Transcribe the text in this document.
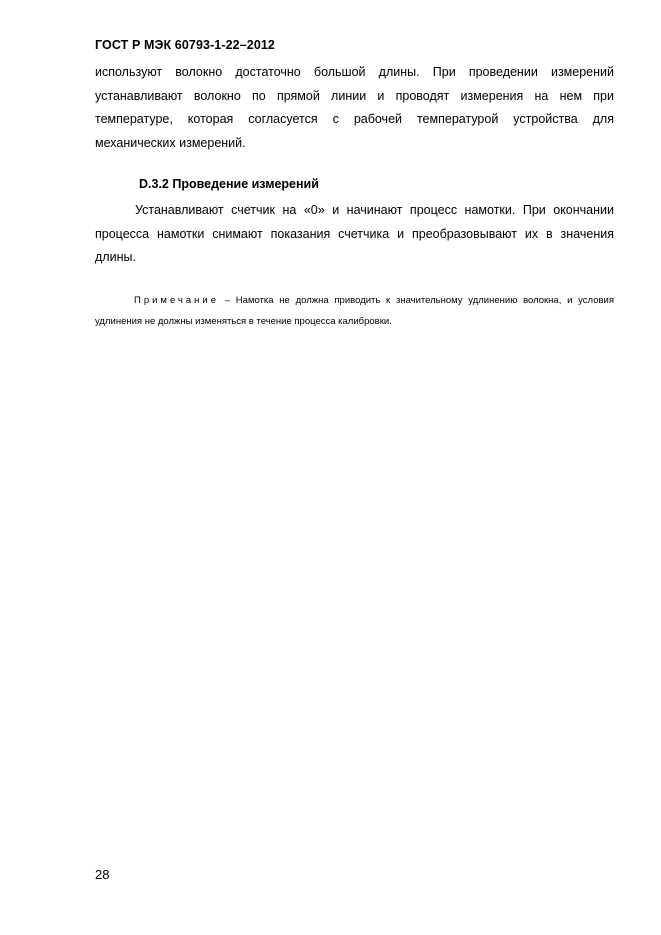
ГОСТ Р МЭК 60793-1-22–2012
используют волокно достаточно большой длины. При проведении измерений устанавливают волокно по прямой линии и проводят измерения на нем при температуре, которая согласуется с рабочей температурой устройства для механических измерений.
D.3.2 Проведение измерений
Устанавливают счетчик на «0» и начинают процесс намотки. При окончании процесса намотки снимают показания счетчика и преобразовывают их в значения длины.
Примечание – Намотка не должна приводить к значительному удлинению волокна, и условия удлинения не должны изменяться в течение процесса калибровки.
28
